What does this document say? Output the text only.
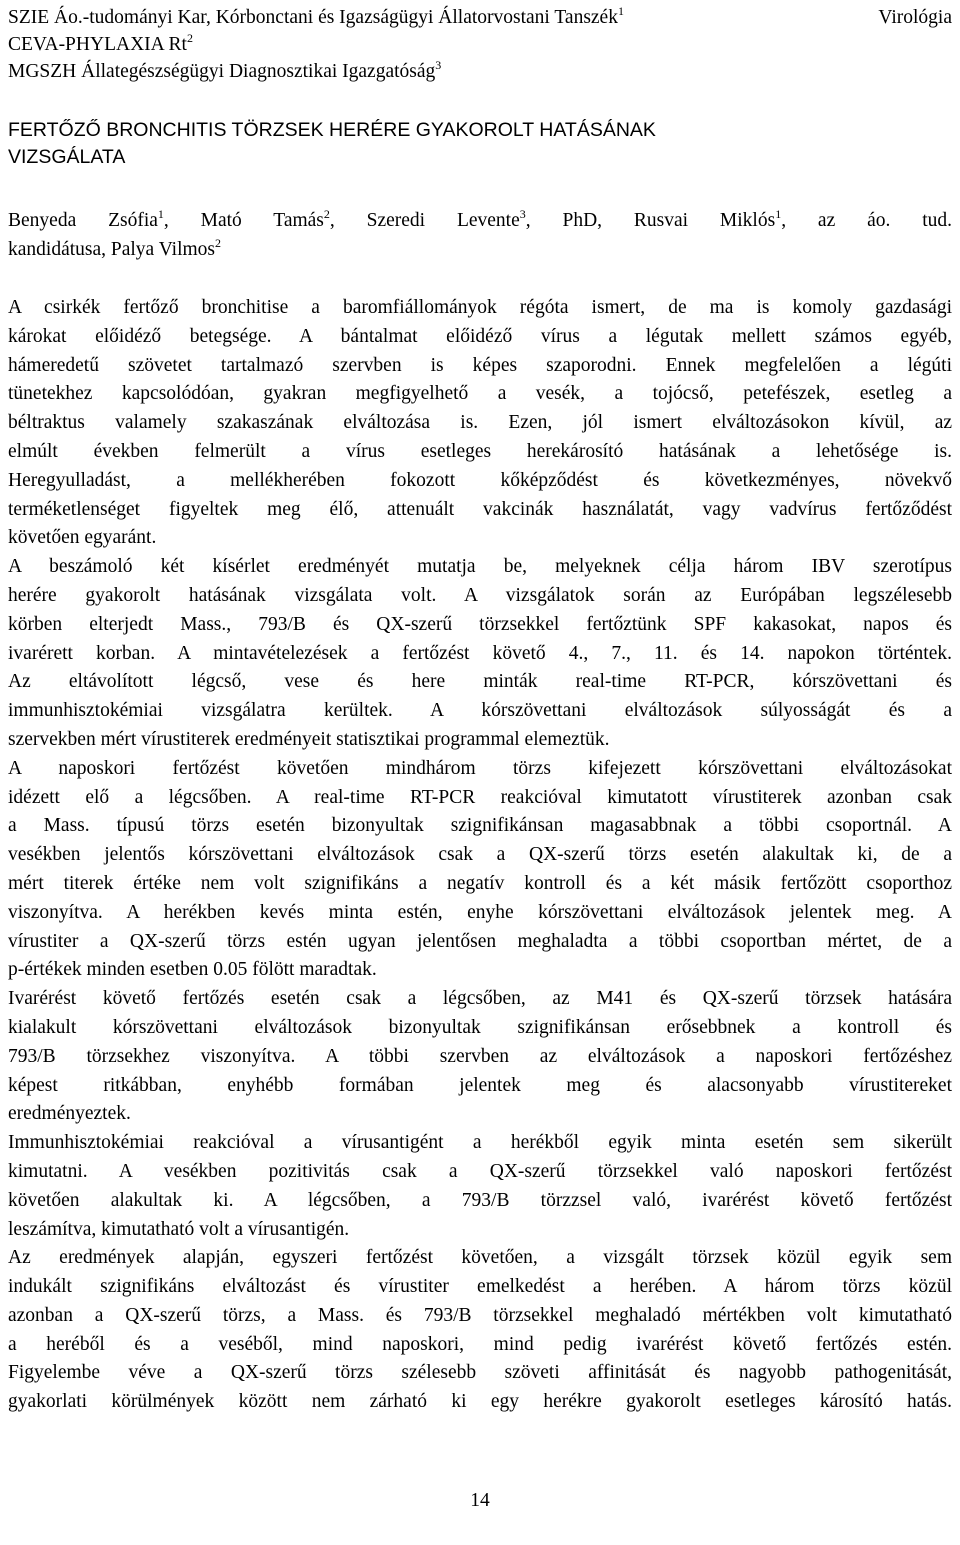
SZIE Áo.-tudományi Kar, Kórbonctani és Igazságügyi Állatorvostani Tanszék$^1$
CEVA-PHYLAXIA Rt$^2$
MGSZH Állategészségügyi Diagnosztikai Igazgatóság$^3$
Virológia
FERTŐZŐ BRONCHITIS TÖRZSEK HERÉRE GYAKOROLT HATÁSÁNAK
VIZSGÁLATA
Benyeda Zsófia$^1$, Mató Tamás$^2$, Szeredi Levente$^3$, PhD, Rusvai Miklós$^1$, az áo. tud.
kandidátusa, Palya Vilmos$^2$
A csirkék fertőző bronchitise a baromfiállományok régóta ismert, de ma is komoly gazdasági
károkat előidéző betegsége. A bántalmat előidéző vírus a légutak mellett számos egyéb,
hámeredetű szövetet tartalmazó szervben is képes szaporodni. Ennek megfelelően a légúti
tünetekhez kapcsolódóan, gyakran megfigyelhető a vesék, a tojócső, petefészek, esetleg a
béltraktus valamely szakaszának elváltozása is. Ezen, jól ismert elváltozásokon kívül, az
elmúlt években felmerült a vírus esetleges herekárosító hatásának a lehetősége is.
Heregyulladást, a mellékherében fokozott kőképződést és következményes, növekvő
terméketlenséget figyeltek meg élő, attenuált vakcinák használatát, vagy vadvírus fertőződést
követően egyaránt.
A beszámoló két kísérlet eredményét mutatja be, melyeknek célja három IBV szerotípus
herére gyakorolt hatásának vizsgálata volt. A vizsgálatok során az Európában legszélesebb
körben elterjedt Mass., 793/B és QX-szerű törzsekkel fertőztünk SPF kakasokat, napos és
ivarérett korban. A mintavételezések a fertőzést követő 4., 7., 11. és 14. napokon történtek.
Az eltávolított légcső, vese és here minták real-time RT-PCR, kórszövettani és
immunhisztokémiai vizsgálatra kerültek. A kórszövettani elváltozások súlyosságát és a
szervekben mért vírustiterek eredményeit statisztikai programmal elemeztük.
A naposkori fertőzést követően mindhárom törzs kifejezett kórszövettani elváltozásokat
idézett elő a légcsőben. A real-time RT-PCR reakcióval kimutatott vírustiterek azonban csak
a Mass. típusú törzs esetén bizonyultak szignifikánsan magasabbnak a többi csoportnál. A
vesékben jelentős kórszövettani elváltozások csak a QX-szerű törzs esetén alakultak ki, de a
mért titerek értéke nem volt szignifikáns a negatív kontroll és a két másik fertőzött csoporthoz
viszonyítva. A herékben kevés minta estén, enyhe kórszövettani elváltozások jelentek meg. A
vírustiter a QX-szerű törzs estén ugyan jelentősen meghaladta a többi csoportban mértet, de a
p-értékek minden esetben 0.05 fölött maradtak.
Ivarérést követő fertőzés esetén csak a légcsőben, az M41 és QX-szerű törzsek hatására
kialakult kórszövettani elváltozások bizonyultak szignifikánsan erősebbnek a kontroll és
793/B törzsekhez viszonyítva. A többi szervben az elváltozások a naposkori fertőzéshez
képest ritkábban, enyhébb formában jelentek meg és alacsonyabb vírustitereket
eredményeztek.
Immunhisztokémiai reakcióval a vírusantigént a herékből egyik minta esetén sem sikerült
kimutatni. A vesékben pozitivitás csak a QX-szerű törzsekkel való naposkori fertőzést
követően alakultak ki. A légcsőben, a 793/B törzzsel való, ivarérést követő fertőzést
leszámítva, kimutatható volt a vírusantigén.
Az eredmények alapján, egyszeri fertőzést követően, a vizsgált törzsek közül egyik sem
indukált szignifikáns elváltozást és vírustiter emelkedést a herében. A három törzs közül
azonban a QX-szerű törzs, a Mass. és 793/B törzsekkel meghaladó mértékben volt kimutatható
a heréből és a veséből, mind naposkori, mind pedig ivarérést követő fertőzés estén.
Figyelembe véve a QX-szerű törzs szélesebb szöveti affinitását és nagyobb pathogenitását,
gyakorlati körülmények között nem zárható ki egy herékre gyakorolt esetleges károsító hatás.
14
